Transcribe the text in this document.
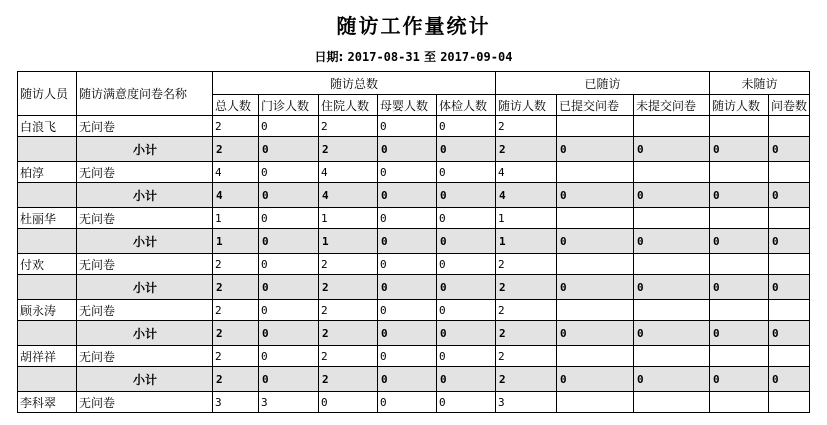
随访工作量统计
日期: 2017-08-31 至 2017-09-04
随访人员	随访满意度问卷名称	随访总数					已随访			未随访	
		总人数	门诊人数	住院人数	母婴人数	体检人数	随访人数	已提交问卷	未提交问卷	随访人数	问卷数
白浪飞	无问卷	2	0	2	0	0	2				
	小计	2	0	2	0	0	2	0	0	0	0
柏淳	无问卷	4	0	4	0	0	4				
	小计	4	0	4	0	0	4	0	0	0	0
杜丽华	无问卷	1	0	1	0	0	1				
	小计	1	0	1	0	0	1	0	0	0	0
付欢	无问卷	2	0	2	0	0	2				
	小计	2	0	2	0	0	2	0	0	0	0
顾永涛	无问卷	2	0	2	0	0	2				
	小计	2	0	2	0	0	2	0	0	0	0
胡祥祥	无问卷	2	0	2	0	0	2				
	小计	2	0	2	0	0	2	0	0	0	0
李科翠	无问卷	3	3	0	0	0	3				
